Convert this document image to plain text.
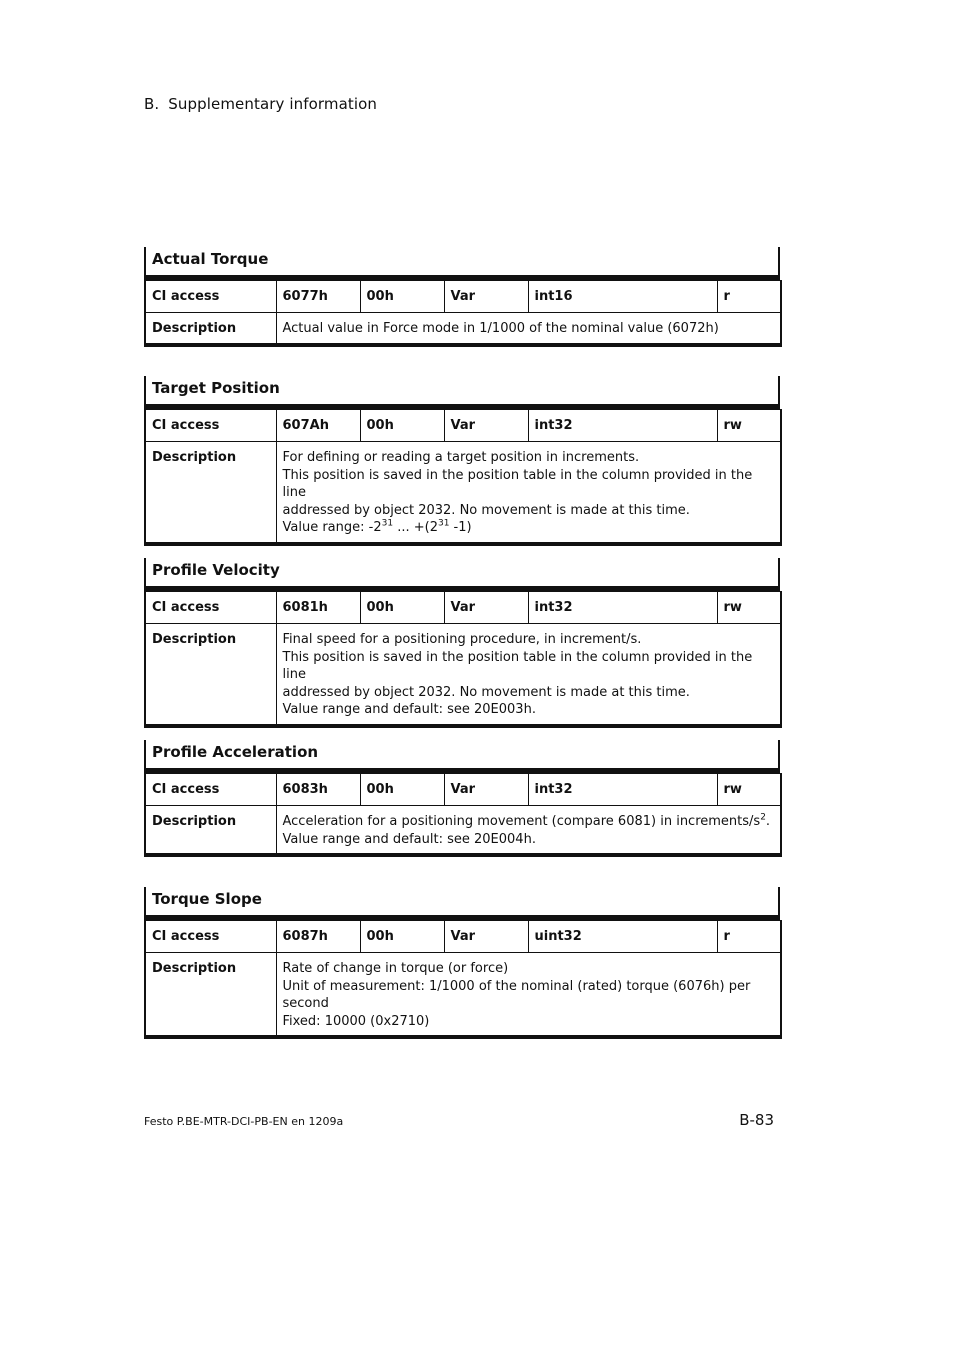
B. Supplementary information
Actual Torque
CI access	6077h	00h	Var	int16	r
Description	Actual value in Force mode in 1/1000 of the nominal value (6072h)				
Target Position
CI access	607Ah	00h	Var	int32	rw
Description	For defining or reading a target position in increments.
This position is saved in the position table in the column provided in the line
addressed by object 2032. No movement is made at this time.
Value range: $-2^{31}$ ... $+(2^{31}$ -1)				
Profile Velocity
CI access	6081h	00h	Var	int32	rw
Description	Final speed for a positioning procedure, in increment/s.
This position is saved in the position table in the column provided in the line
addressed by object 2032. No movement is made at this time.
Value range and default: see 20E003h.				
Profile Acceleration
CI access	6083h	00h	Var	int32	rw
Description	Acceleration for a positioning movement (compare 6081) in increments/$s^2$.
Value range and default: see 20E004h.				
Torque Slope
CI access	6087h	00h	Var	uint32	r
Description	Rate of change in torque (or force)
Unit of measurement: 1/1000 of the nominal (rated) torque (6076h) per
second
Fixed: 10000 (0x2710)				
Festo P.BE-MTR-DCI-PB-EN en 1209a	B-83
